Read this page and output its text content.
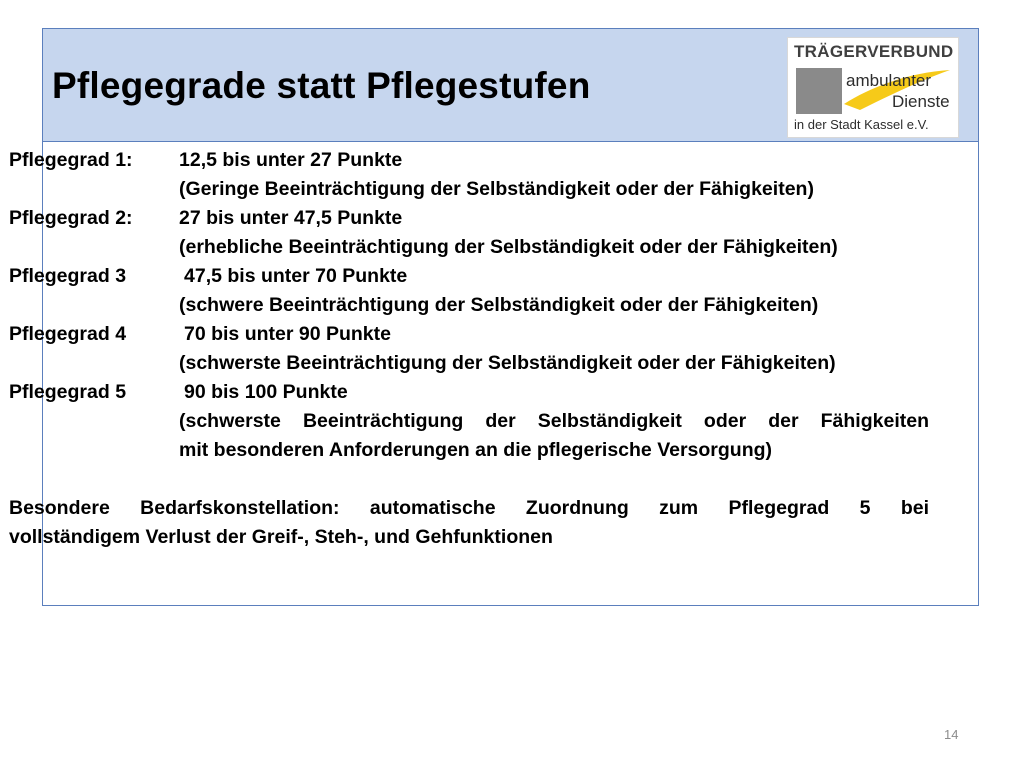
Pflegegrade statt Pflegestufen
TRÄGERVERBUND
ambulanter
Dienste
in der Stadt Kassel e.V.
Pflegegrad 1:	12,5 bis unter 27 Punkte
(Geringe Beeinträchtigung der Selbständigkeit oder der Fähigkeiten)
Pflegegrad 2:	27 bis unter 47,5 Punkte
(erhebliche Beeinträchtigung der Selbständigkeit oder der Fähigkeiten)
Pflegegrad 3	47,5 bis unter 70 Punkte
(schwere Beeinträchtigung der Selbständigkeit oder der Fähigkeiten)
Pflegegrad 4	70 bis unter 90 Punkte
(schwerste Beeinträchtigung der Selbständigkeit oder der Fähigkeiten)
Pflegegrad 5	90 bis 100 Punkte
(schwerste Beeinträchtigung der Selbständigkeit oder der Fähigkeiten
mit besonderen Anforderungen an die pflegerische Versorgung)
Besondere Bedarfskonstellation: automatische Zuordnung zum Pflegegrad 5 bei
vollständigem Verlust der Greif-, Steh-, und Gehfunktionen
14
